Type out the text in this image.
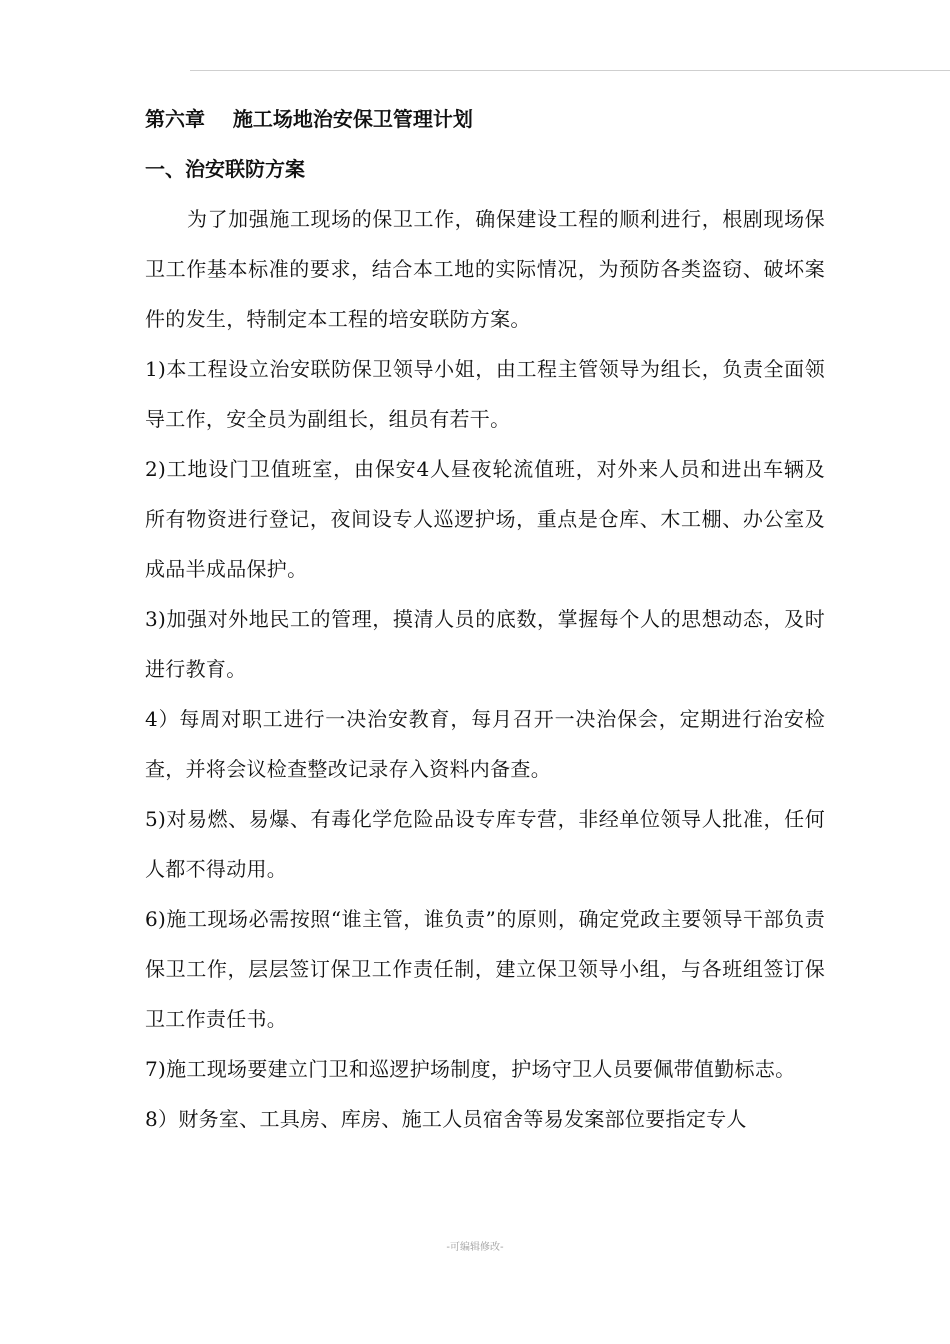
第六章    施工场地治安保卫管理计划
一、治安联防方案

为了加强施工现场的保卫工作，确保建设工程的顺利进行，根剧现场保卫工作基本标准的要求，结合本工地的实际情况，为预防各类盗窃、破坏案件的发生，特制定本工程的培安联防方案。

1)本工程设立治安联防保卫领导小姐，由工程主管领导为组长，负责全面领导工作，安全员为副组长，组员有若干。

2)工地设门卫值班室，由保安4人昼夜轮流值班，对外来人员和进出车辆及所有物资进行登记，夜间设专人巡逻护场，重点是仓库、木工棚、办公室及成品半成品保护。

3)加强对外地民工的管理，摸清人员的底数，掌握每个人的思想动态，及时进行教育。

4）每周对职工进行一决治安教育，每月召开一决治保会，定期进行治安检查，并将会议检查整改记录存入资料内备查。

5)对易燃、易爆、有毒化学危险品设专库专营，非经单位领导人批准，任何人都不得动用。

6)施工现场必需按照“谁主管，谁负责”的原则，确定党政主要领导干部负责保卫工作，层层签订保卫工作责任制，建立保卫领导小组，与各班组签订保卫工作责任书。

7)施工现场要建立门卫和巡逻护场制度，护场守卫人员要佩带值勤标志。

8）财务室、工具房、库房、施工人员宿舍等易发案部位要指定专人

-可编辑修改-
